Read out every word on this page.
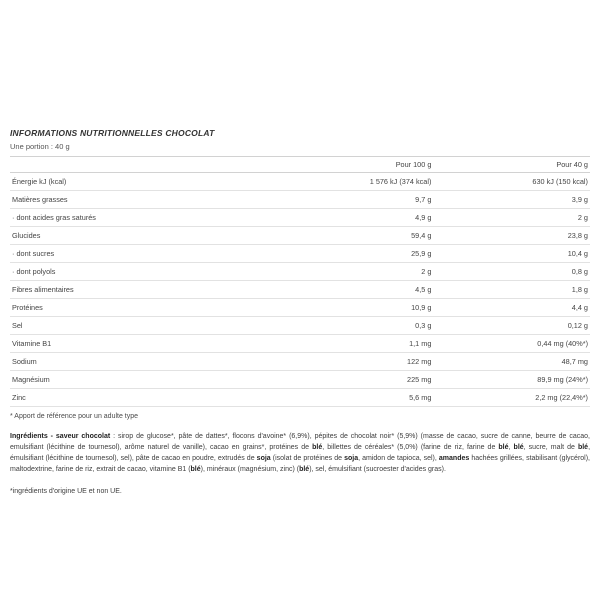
INFORMATIONS NUTRITIONNELLES CHOCOLAT
Une portion : 40 g
	Pour 100 g	Pour 40 g
Énergie kJ (kcal)	1 576 kJ (374 kcal)	630 kJ (150 kcal)
Matières grasses	9,7 g	3,9 g
· dont acides gras saturés	4,9 g	2 g
Glucides	59,4 g	23,8 g
· dont sucres	25,9 g	10,4 g
· dont polyols	2 g	0,8 g
Fibres alimentaires	4,5 g	1,8 g
Protéines	10,9 g	4,4 g
Sel	0,3 g	0,12 g
Vitamine B1	1,1 mg	0,44 mg (40%*)
Sodium	122 mg	48,7 mg
Magnésium	225 mg	89,9 mg (24%*)
Zinc	5,6 mg	2,2 mg (22,4%*)
* Apport de référence pour un adulte type
Ingrédients - saveur chocolat : sirop de glucose*, pâte de dattes*, flocons d'avoine* (6,9%), pépites de chocolat noir* (5,9%) (masse de cacao, sucre de canne, beurre de cacao, emulsifiant (lécithine de tournesol), arôme naturel de vanille), cacao en grains*, protéines de blé, billettes de céréales* (5,0%) (farine de riz, farine de blé, blé, sucre, malt de blé, émulsifiant (lécithine de tournesol), sel), pâte de cacao en poudre, extrudés de soja (isolat de protéines de soja, amidon de tapioca, sel), amandes hachées grillées, stabilisant (glycérol), maltodextrine, farine de riz, extrait de cacao, vitamine B1 (blé), minéraux (magnésium, zinc) (blé), sel, émulsifiant (sucroester d'acides gras).
*ingrédients d'origine UE et non UE.
